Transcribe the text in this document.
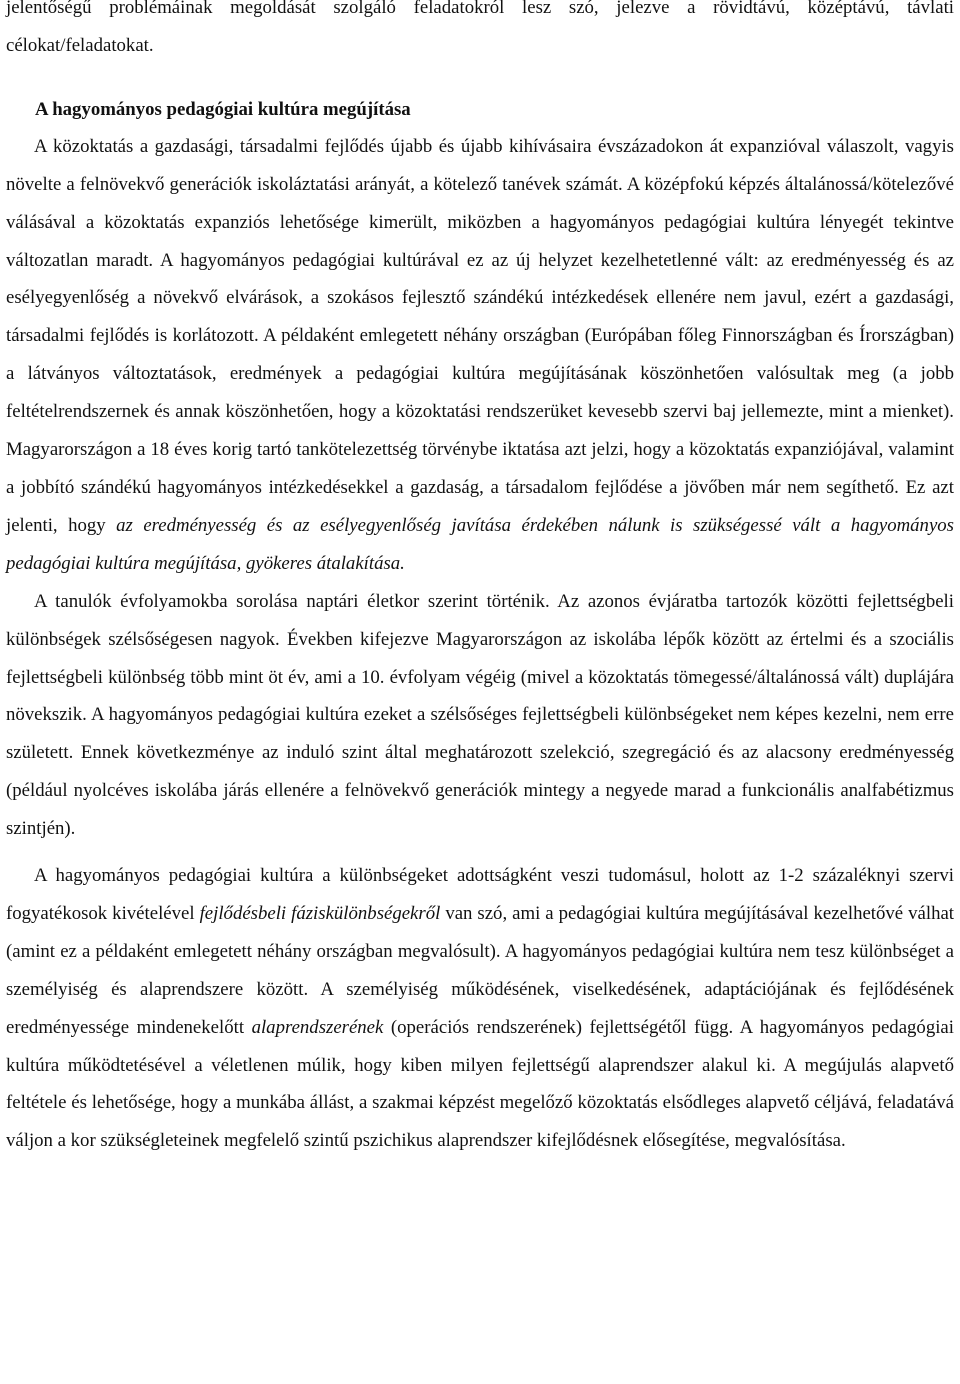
jelentőségű problémáinak megoldását szolgáló feladatokról lesz szó, jelezve a rövidtávú, középtávú, távlati célokat/feladatokat.

A hagyományos pedagógiai kultúra megújítása

A közoktatás a gazdasági, társadalmi fejlődés újabb és újabb kihívásaira évszázadokon át expanzióval válaszolt, vagyis növelte a felnövekvő generációk iskoláztatási arányát, a kötelező tanévek számát. A középfokú képzés általánossá/kötelezővé válásával a közoktatás expanziós lehetősége kimerült, miközben a hagyományos pedagógiai kultúra lényegét tekintve változatlan maradt. A hagyományos pedagógiai kultúrával ez az új helyzet kezelhetetlenné vált: az eredményesség és az esélyegyenlőség a növekvő elvárások, a szokásos fejlesztő szándékú intézkedések ellenére nem javul, ezért a gazdasági, társadalmi fejlődés is korlátozott. A példaként emlegetett néhány országban (Európában főleg Finnországban és Írországban) a látványos változtatások, eredmények a pedagógiai kultúra megújításának köszönhetően valósultak meg (a jobb feltételrendszernek és annak köszönhetően, hogy a közoktatási rendszerüket kevesebb szervi baj jellemezte, mint a mienket). Magyarországon a 18 éves korig tartó tankötelezettség törvénybe iktatása azt jelzi, hogy a közoktatás expanziójával, valamint a jobbító szándékú hagyományos intézkedésekkel a gazdaság, a társadalom fejlődése a jövőben már nem segíthető. Ez azt jelenti, hogy az eredményesség és az esélyegyenlőség javítása érdekében nálunk is szükségessé vált a hagyományos pedagógiai kultúra megújítása, gyökeres átalakítása.

A tanulók évfolyamokba sorolása naptári életkor szerint történik. Az azonos évjáratba tartozók közötti fejlettségbeli különbségek szélsőségesen nagyok. Években kifejezve Magyarországon az iskolába lépők között az értelmi és a szociális fejlettségbeli különbség több mint öt év, ami a 10. évfolyam végéig (mivel a közoktatás tömegessé/általánossá vált) duplájára növekszik. A hagyományos pedagógiai kultúra ezeket a szélsőséges fejlettségbeli különbségeket nem képes kezelni, nem erre született. Ennek következménye az induló szint által meghatározott szelekció, szegregáció és az alacsony eredményesség (például nyolcéves iskolába járás ellenére a felnövekvő generációk mintegy a negyede marad a funkcionális analfabétizmus szintjén).

A hagyományos pedagógiai kultúra a különbségeket adottságként veszi tudomásul, holott az 1-2 százaléknyi szervi fogyatékosok kivételével fejlődésbeli fáziskülönbségekről van szó, ami a pedagógiai kultúra megújításával kezelhetővé válhat (amint ez a példaként emlegetett néhány országban megvalósult). A hagyományos pedagógiai kultúra nem tesz különbséget a személyiség és alaprendszere között. A személyiség működésének, viselkedésének, adaptációjának és fejlődésének eredményessége mindenekelőtt alaprendszerének (operációs rendszerének) fejlettségétől függ. A hagyományos pedagógiai kultúra működtetésével a véletlenen múlik, hogy kiben milyen fejlettségű alaprendszer alakul ki. A megújulás alapvető feltétele és lehetősége, hogy a munkába állást, a szakmai képzést megelőző közoktatás elsődleges alapvető céljává, feladatává váljon a kor szükségleteinek megfelelő szintű pszichikus alaprendszer kifejlődésnek elősegítése, megvalósítása.
